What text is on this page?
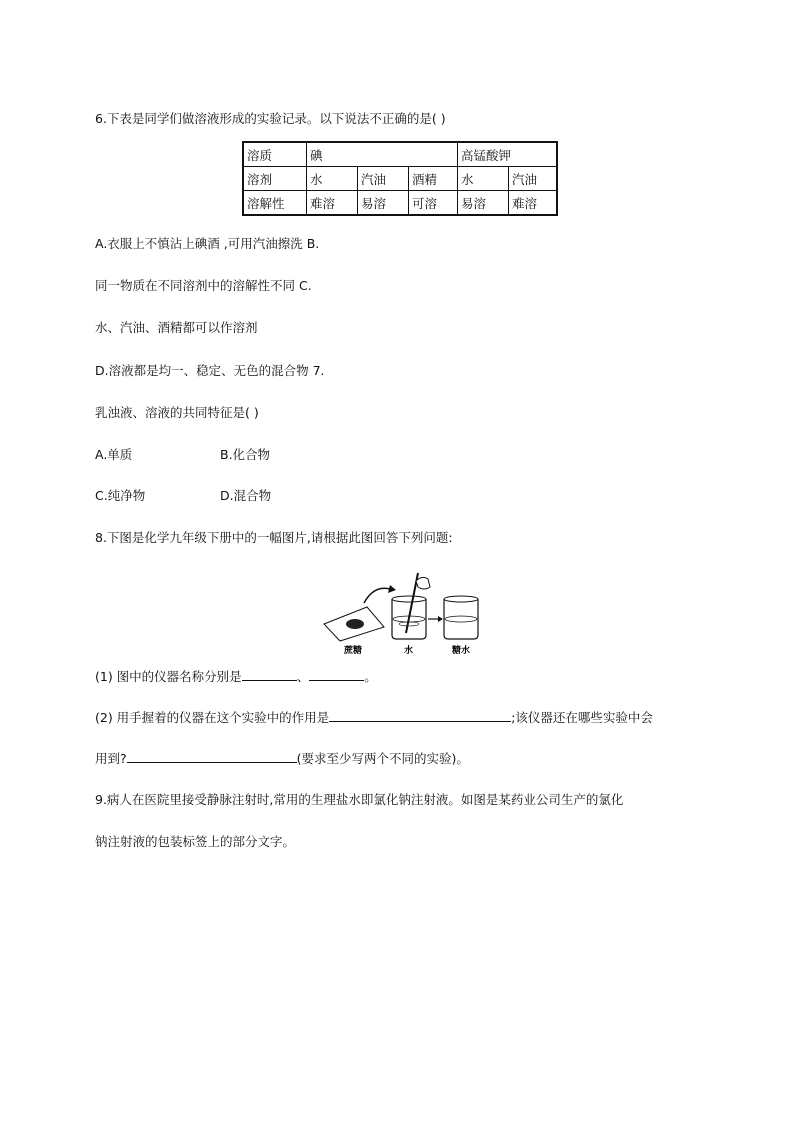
6.下表是同学们做溶液形成的实验记录。以下说法不正确的是( )
溶质	碘			高锰酸钾	
溶剂	水	汽油	酒精	水	汽油
溶解性	难溶	易溶	可溶	易溶	难溶
A.衣服上不慎沾上碘酒 ,可用汽油擦洗 B.
同一物质在不同溶剂中的溶解性不同 C.
水、汽油、酒精都可以作溶剂
D.溶液都是均一、稳定、无色的混合物 7.
乳浊液、溶液的共同特征是( )
A.单质	B.化合物
C.纯净物	D.混合物
8.下图是化学九年级下册中的一幅图片,请根据此图回答下列问题:
蔗糖	水	糖水
(1) 图中的仪器名称分别是	、	。
(2) 用手握着的仪器在这个实验中的作用是	;该仪器还在哪些实验中会
用到?	(要求至少写两个不同的实验)。
9.病人在医院里接受静脉注射时,常用的生理盐水即氯化钠注射液。如图是某药业公司生产的氯化
钠注射液的包装标签上的部分文字。
